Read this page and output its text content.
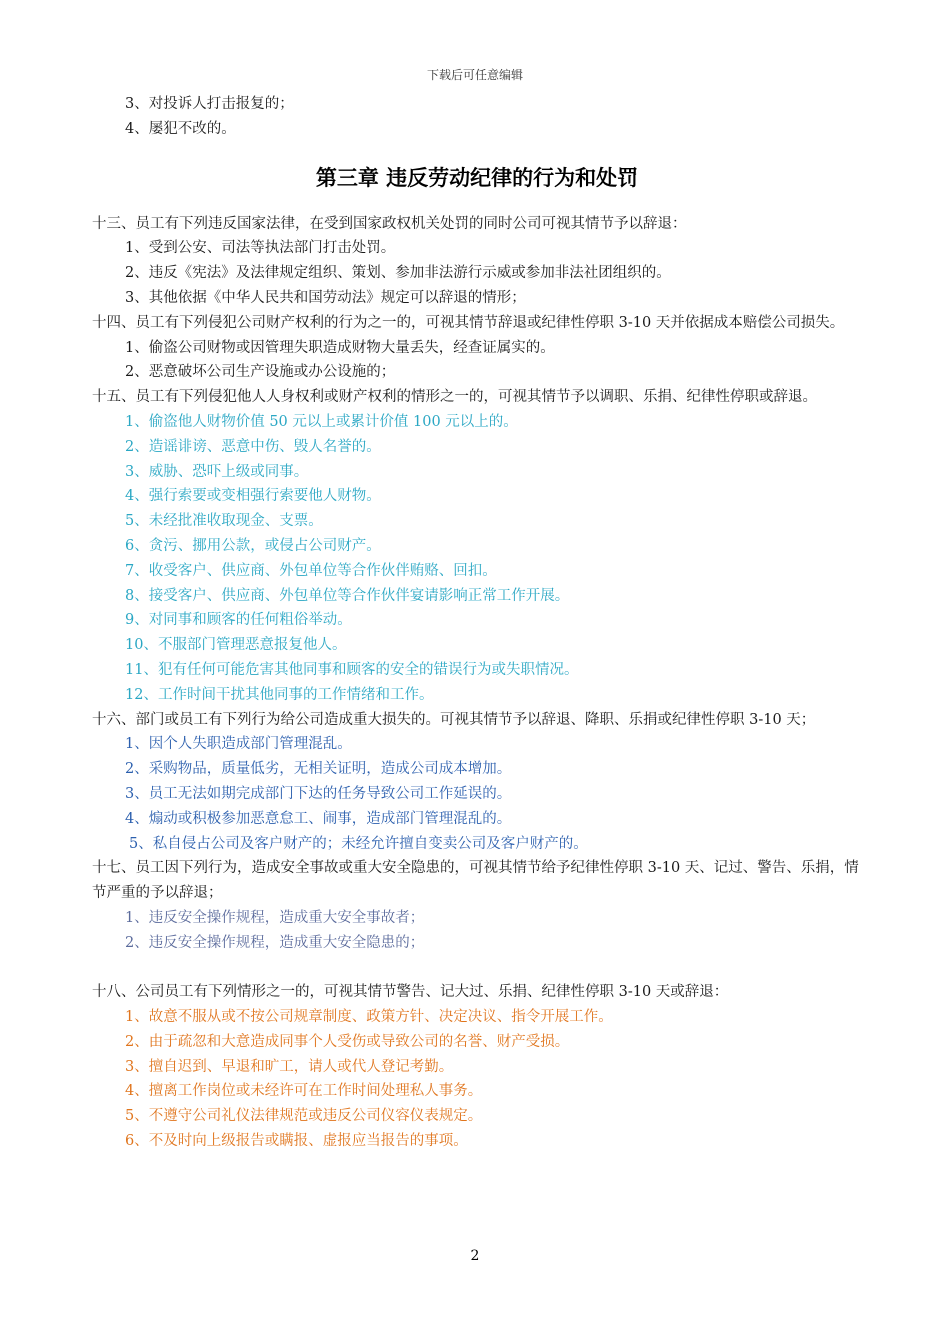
下载后可任意编辑
3、对投诉人打击报复的；
4、屡犯不改的。
第三章 违反劳动纪律的行为和处罚
十三、员工有下列违反国家法律，在受到国家政权机关处罚的同时公司可视其情节予以辞退：
1、受到公安、司法等执法部门打击处罚。
2、违反《宪法》及法律规定组织、策划、参加非法游行示威或参加非法社团组织的。
3、其他依据《中华人民共和国劳动法》规定可以辞退的情形；
十四、员工有下列侵犯公司财产权利的行为之一的，可视其情节辞退或纪律性停职 3-10 天并依据成本赔偿公司损失。
1、偷盗公司财物或因管理失职造成财物大量丢失，经查证属实的。
2、恶意破坏公司生产设施或办公设施的；
十五、员工有下列侵犯他人人身权利或财产权利的情形之一的，可视其情节予以调职、乐捐、纪律性停职或辞退。
1、偷盗他人财物价值 50 元以上或累计价值 100 元以上的。
2、造谣诽谤、恶意中伤、毁人名誉的。
3、威胁、恐吓上级或同事。
4、强行索要或变相强行索要他人财物。
5、未经批准收取现金、支票。
6、贪污、挪用公款，或侵占公司财产。
7、收受客户、供应商、外包单位等合作伙伴贿赂、回扣。
8、接受客户、供应商、外包单位等合作伙伴宴请影响正常工作开展。
9、对同事和顾客的任何粗俗举动。
10、不服部门管理恶意报复他人。
11、犯有任何可能危害其他同事和顾客的安全的错误行为或失职情况。
12、工作时间干扰其他同事的工作情绪和工作。
十六、部门或员工有下列行为给公司造成重大损失的。可视其情节予以辞退、降职、乐捐或纪律性停职 3-10 天；
1、因个人失职造成部门管理混乱。
2、采购物品，质量低劣，无相关证明，造成公司成本增加。
3、员工无法如期完成部门下达的任务导致公司工作延误的。
4、煽动或积极参加恶意怠工、闹事，造成部门管理混乱的。
5、私自侵占公司及客户财产的；未经允许擅自变卖公司及客户财产的。
十七、员工因下列行为，造成安全事故或重大安全隐患的，可视其情节给予纪律性停职 3-10 天、记过、警告、乐捐，情节严重的予以辞退；
1、违反安全操作规程，造成重大安全事故者；
2、违反安全操作规程，造成重大安全隐患的；
十八、公司员工有下列情形之一的，可视其情节警告、记大过、乐捐、纪律性停职 3-10 天或辞退：
1、故意不服从或不按公司规章制度、政策方针、决定决议、指令开展工作。
2、由于疏忽和大意造成同事个人受伤或导致公司的名誉、财产受损。
3、擅自迟到、早退和旷工，请人或代人登记考勤。
4、擅离工作岗位或未经许可在工作时间处理私人事务。
5、不遵守公司礼仪法律规范或违反公司仪容仪表规定。
6、不及时向上级报告或瞒报、虚报应当报告的事项。
2
